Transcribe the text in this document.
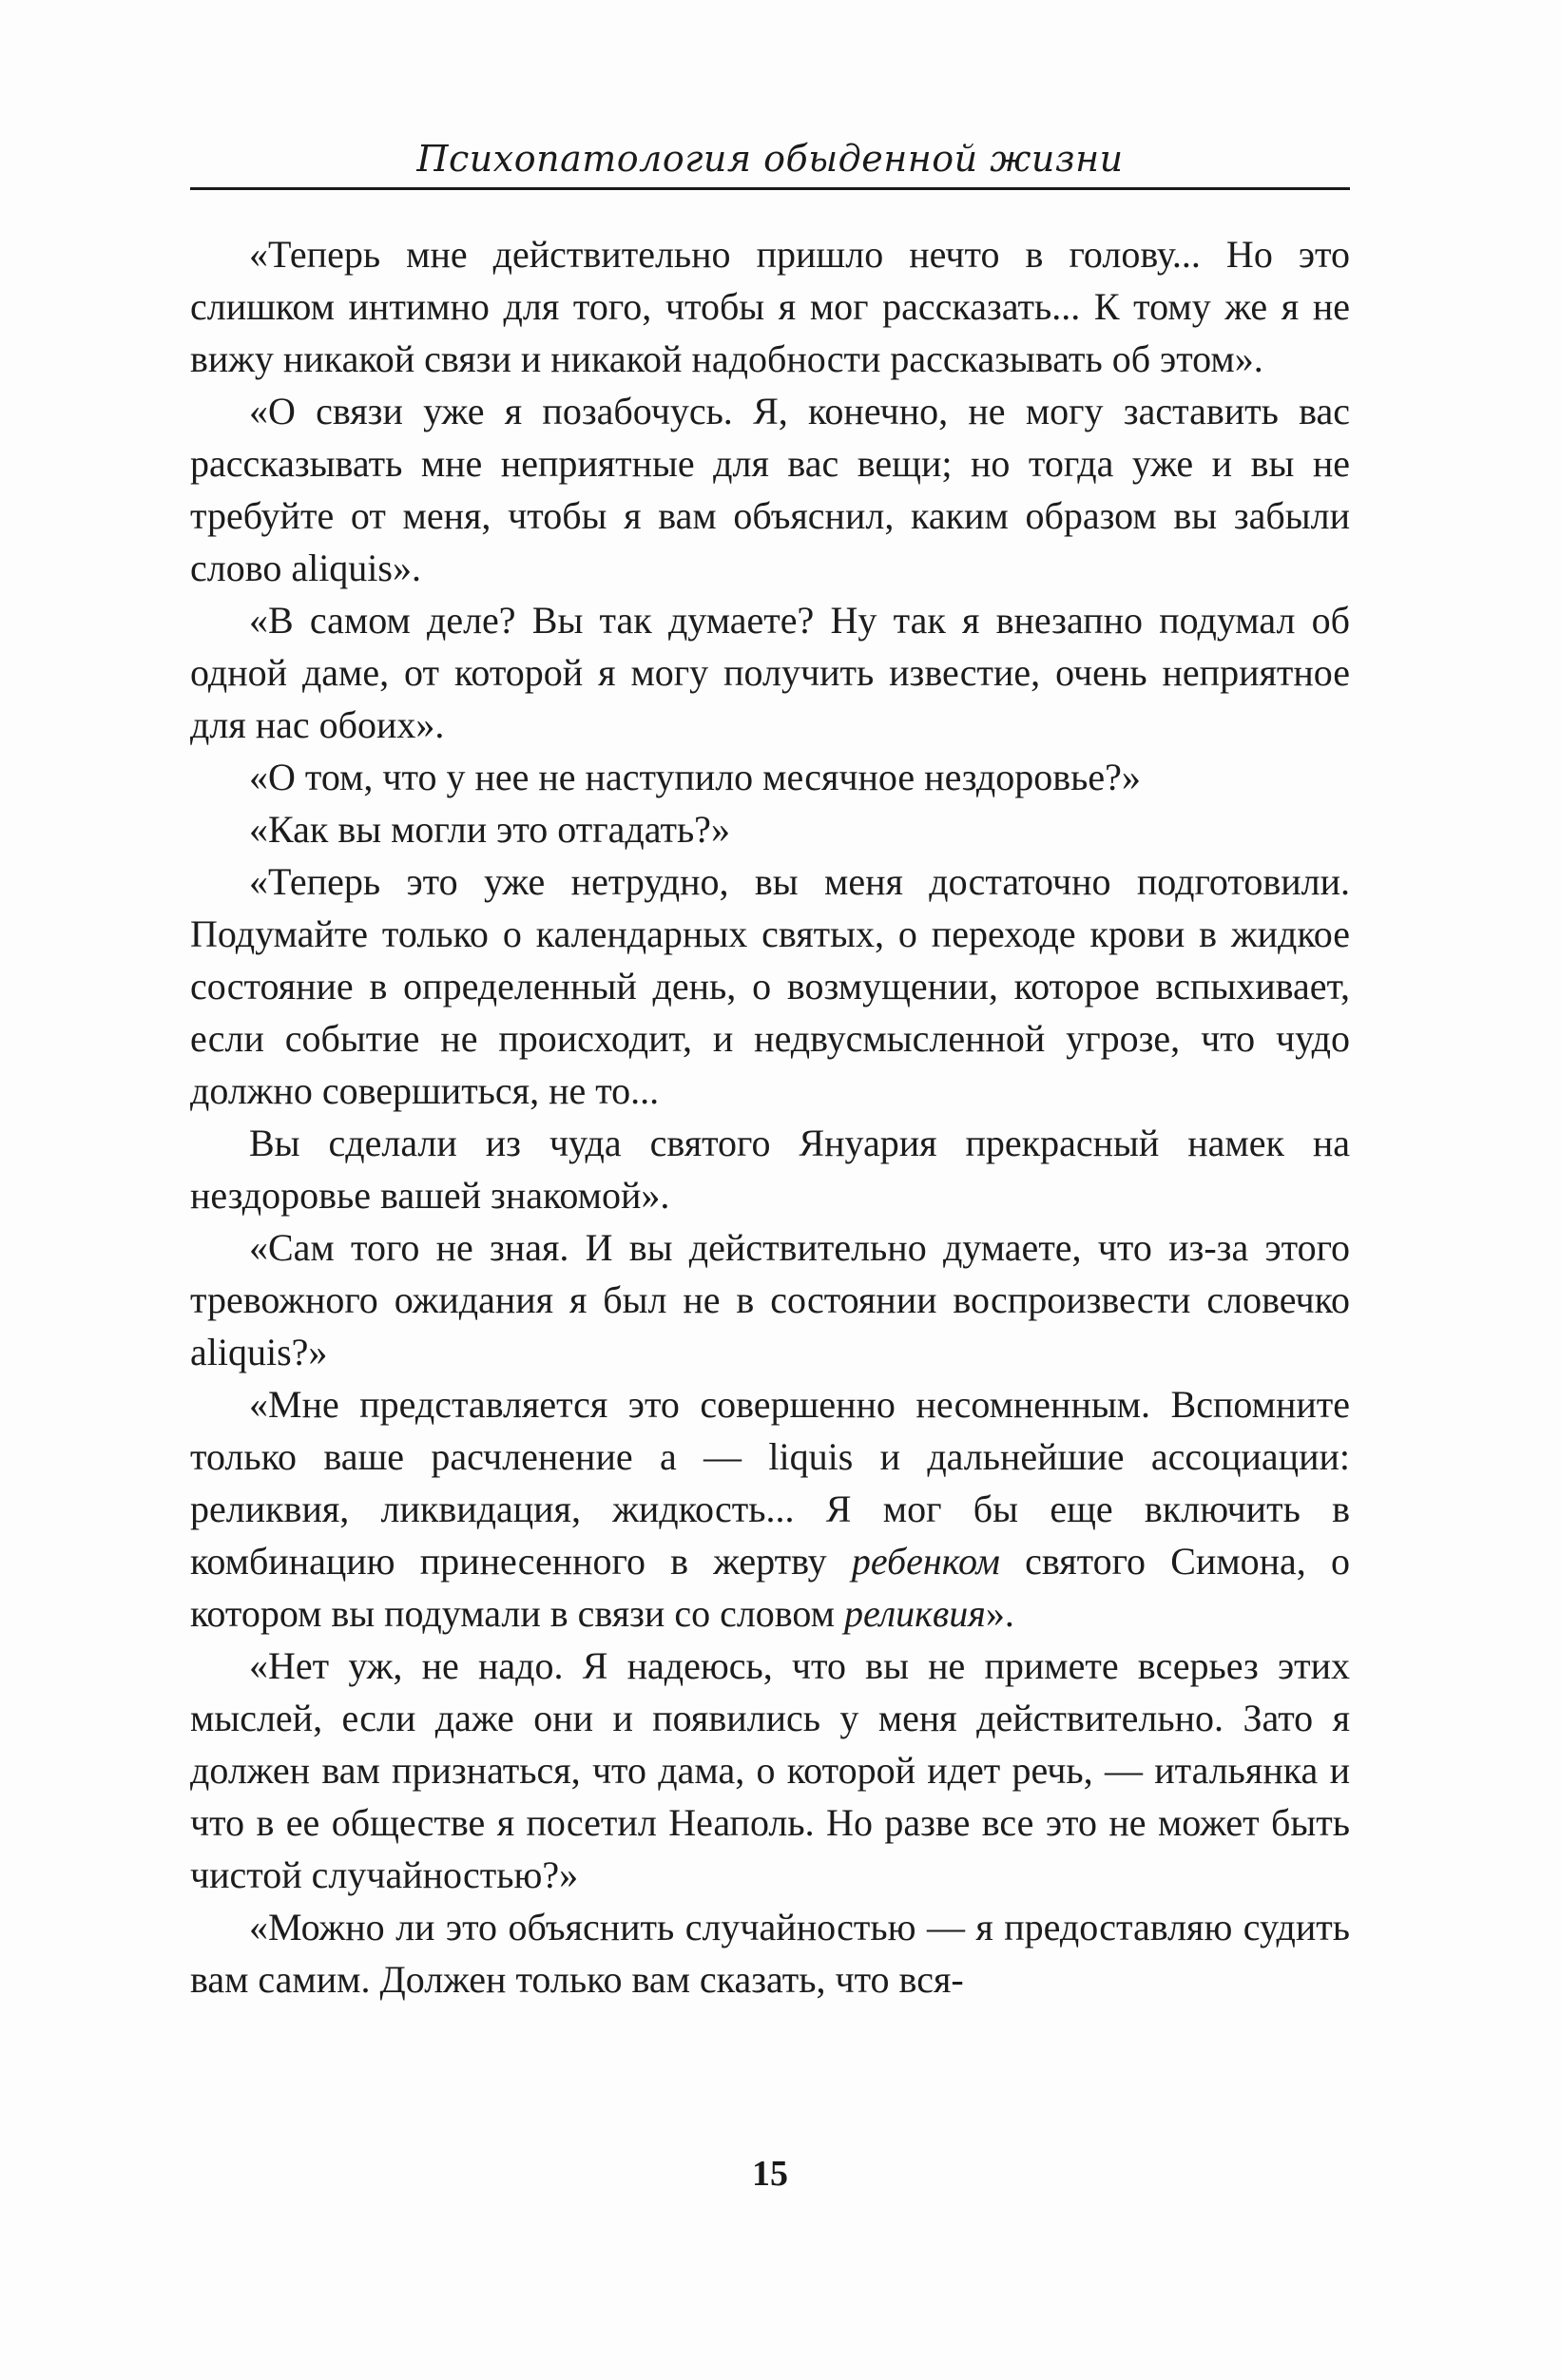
Психопатология обыденной жизни

«Теперь мне действительно пришло нечто в голову... Но это слишком интимно для того, чтобы я мог рассказать... К тому же я не вижу никакой связи и никакой надобности рассказывать об этом».

«О связи уже я позабочусь. Я, конечно, не могу заставить вас рассказывать мне неприятные для вас вещи; но тогда уже и вы не требуйте от меня, чтобы я вам объяснил, каким образом вы забыли слово aliquis».

«В самом деле? Вы так думаете? Ну так я внезапно подумал об одной даме, от которой я могу получить известие, очень неприятное для нас обоих».

«О том, что у нее не наступило месячное нездоровье?»

«Как вы могли это отгадать?»

«Теперь это уже нетрудно, вы меня достаточно подготовили. Подумайте только о календарных святых, о переходе крови в жидкое состояние в определенный день, о возмущении, которое вспыхивает, если событие не происходит, и недвусмысленной угрозе, что чудо должно совершиться, не то...

Вы сделали из чуда святого Януария прекрасный намек на нездоровье вашей знакомой».

«Сам того не зная. И вы действительно думаете, что из-за этого тревожного ожидания я был не в состоянии воспроизвести словечко aliquis?»

«Мне представляется это совершенно несомненным. Вспомните только ваше расчленение a — liquis и дальнейшие ассоциации: реликвия, ликвидация, жидкость... Я мог бы еще включить в комбинацию принесенного в жертву ребенком святого Симона, о котором вы подумали в связи со словом реликвия».

«Нет уж, не надо. Я надеюсь, что вы не примете всерьез этих мыслей, если даже они и появились у меня действительно. Зато я должен вам признаться, что дама, о которой идет речь, — итальянка и что в ее обществе я посетил Неаполь. Но разве все это не может быть чистой случайностью?»

«Можно ли это объяснить случайностью — я предоставляю судить вам самим. Должен только вам сказать, что вся-

15
